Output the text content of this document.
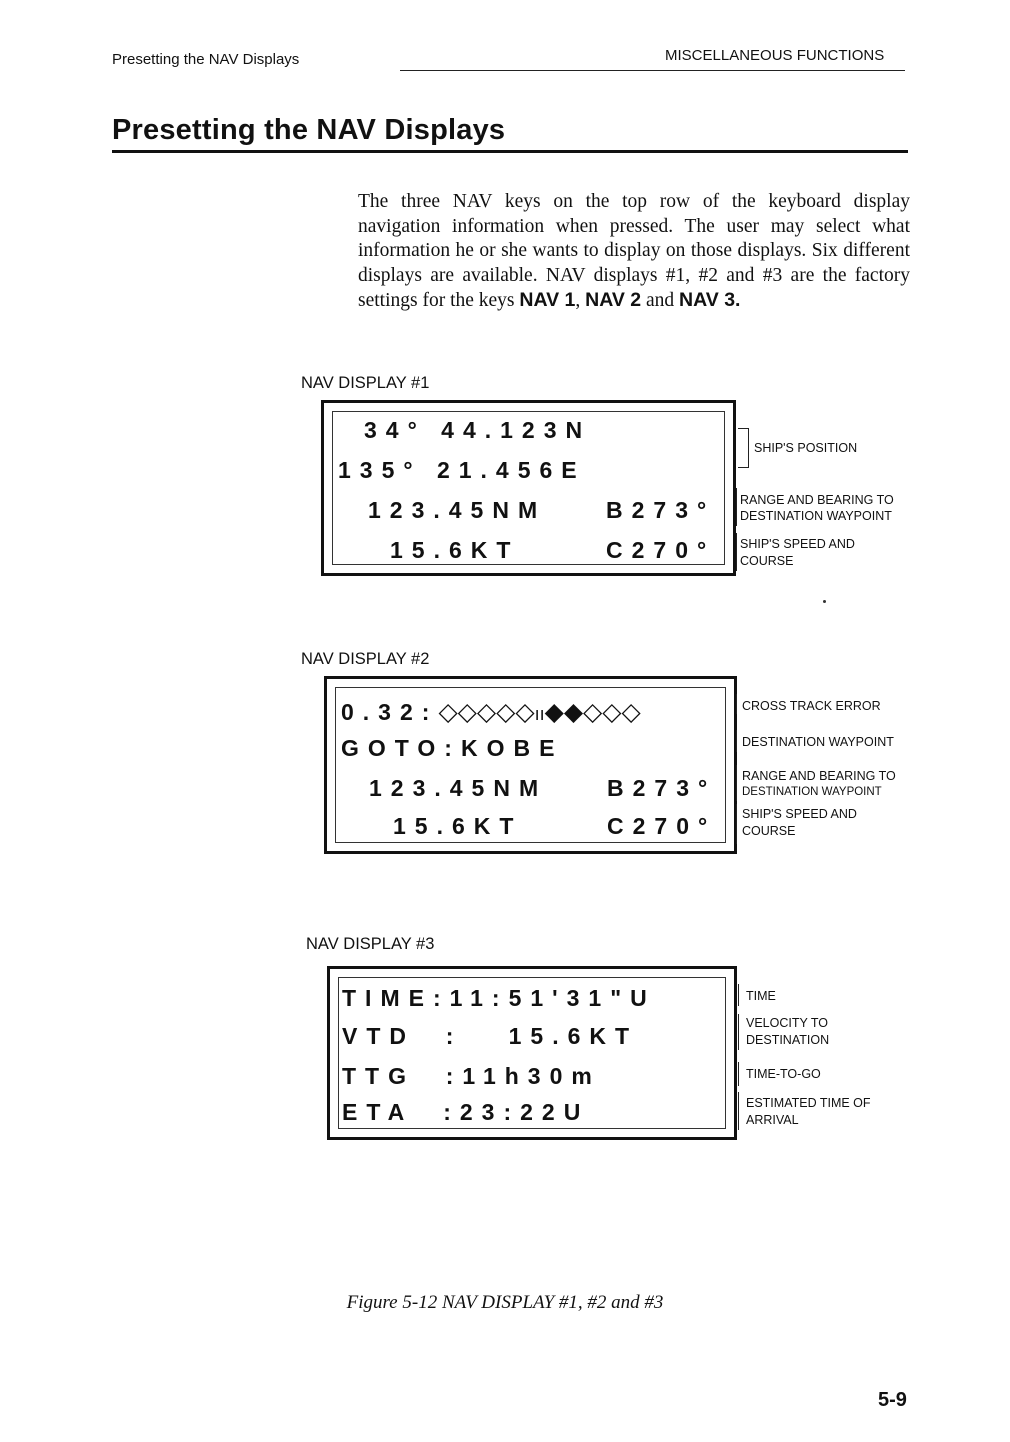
Presetting the NAV Displays	MISCELLANEOUS FUNCTIONS
Presetting the NAV Displays
The three NAV keys on the top row of the keyboard display navigation information when pressed. The user may select what information he or she wants to display on those displays. Six different displays are available. NAV displays #1, #2 and #3 are the factory settings for the keys NAV 1, NAV 2 and NAV 3.
NAV DISPLAY #1
34° 44.123N
135° 21.456E
123.45NM	B273°
15.6KT	C270°
SHIP'S POSITION
RANGE AND BEARING TO
DESTINATION WAYPOINT
SHIP'S SPEED AND
COURSE
NAV DISPLAY #2
0.32:◇◇◇◇◇ıı◆◆◇◇◇
GOTO:KOBE
123.45NM	B273°
15.6KT	C270°
CROSS TRACK ERROR
DESTINATION WAYPOINT
RANGE AND BEARING TO
DESTINATION WAYPOINT
SHIP'S SPEED AND
COURSE
NAV DISPLAY #3
TIME:11:51'31"U
VTD  :   15.6KT
TTG  :11h30m
ETA  :23:22U
TIME
VELOCITY TO
DESTINATION
TIME-TO-GO
ESTIMATED TIME OF
ARRIVAL
Figure 5-12 NAV DISPLAY #1, #2 and #3
5-9
